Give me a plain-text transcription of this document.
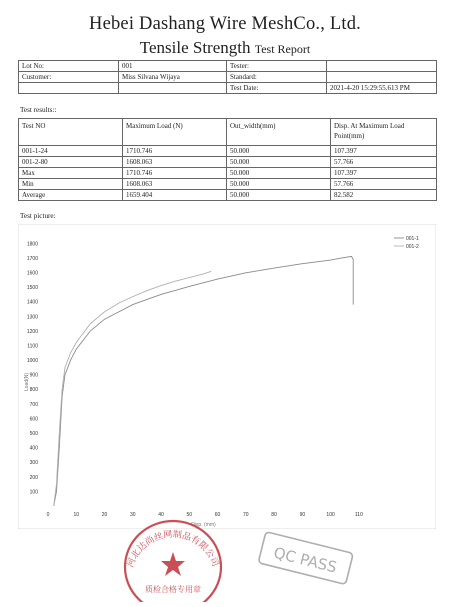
Hebei Dashang Wire MeshCo., Ltd.
Tensile Strength Test Report
Lot No:	001	Tester:	
Customer:	Miss Silvana Wijaya	Standard:	
		Test Date:	2021-4-20 15:29:55.613 PM
Test results::
Test NO	Maximum Load (N)	Out_width(mm)	Disp. At Maximum Load Point(mm)
001-1-24	1710.746	50.000	107.397
001-2-80	1608.063	50.000	57.766
Max	1710.746	50.000	107.397
Min	1608.063	50.000	57.766
Average	1659.404	50.000	82.582
Test picture:
100
200
300
400
500
600
700
800
900
1000
1100
1200
1300
1400
1500
1600
1700
1800
0	10	20	30	40	50	60	70	80	90	100	110
Load(N)
Disp. (mm)
001-1
001-2
河北达尚丝网制品有限公司
质检合格专用章
QC PASS
